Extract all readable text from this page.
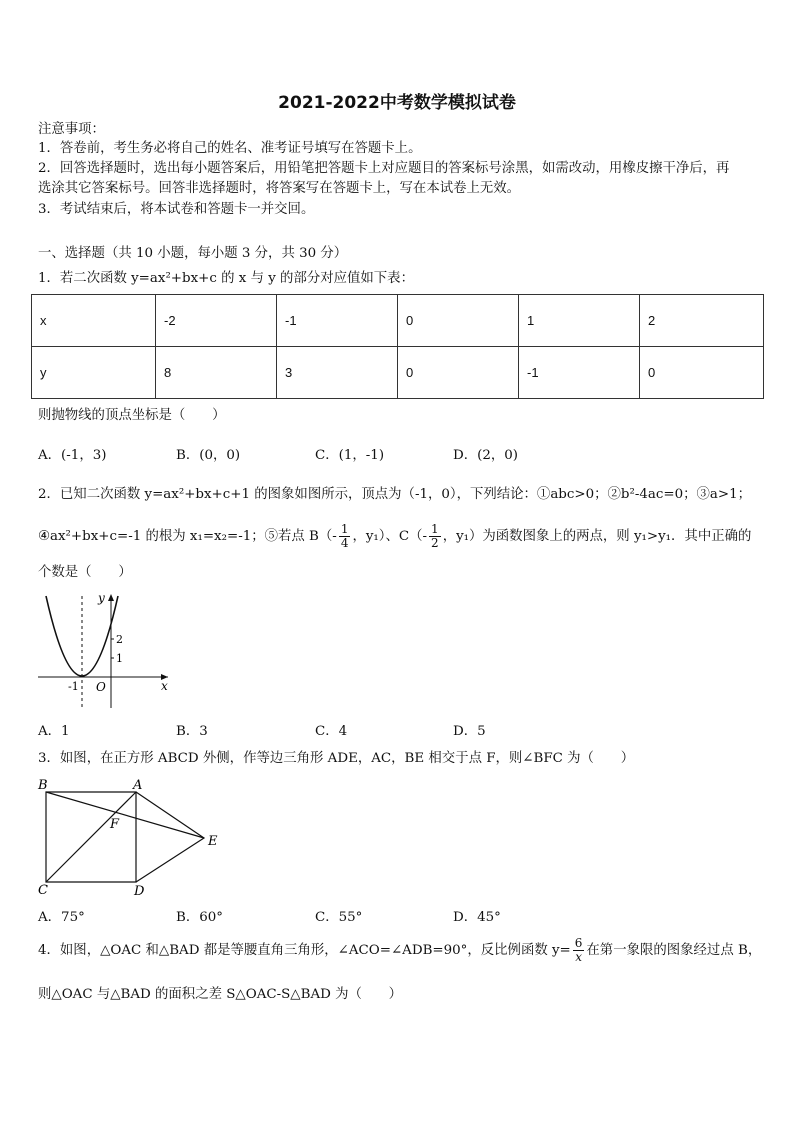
2021-2022中考数学模拟试卷
注意事项：
1．答卷前，考生务必将自己的姓名、准考证号填写在答题卡上。
2．回答选择题时，选出每小题答案后，用铅笔把答题卡上对应题目的答案标号涂黑，如需改动，用橡皮擦干净后，再
选涂其它答案标号。回答非选择题时，将答案写在答题卡上，写在本试卷上无效。
3．考试结束后，将本试卷和答题卡一并交回。
一、选择题（共 10 小题，每小题 3 分，共 30 分）
1．若二次函数 y=ax²+bx+c 的 x 与 y 的部分对应值如下表：
x	-2	-1	0	1	2
y	8	3	0	-1	0
则抛物线的顶点坐标是（　　）
A．(-1，3)	B．(0，0)	C．(1，-1)	D．(2，0)
2．已知二次函数 y=ax²+bx+c+1 的图象如图所示，顶点为（-1，0），下列结论：①abc>0；②b²-4ac=0；③a>1；
④ax²+bx+c=-1 的根为 x₁=x₂=-1；⑤若点 $B(- \frac{1}{4}$ ，y₁）、$C(- \frac{1}{2}$ ，y₁）为函数图象上的两点，则 y₁>y₁．其中正确的
个数是（　　）
y
x
O
-1
2
1
A．1	B．3	C．4	D．5
3．如图，在正方形 ABCD 外侧，作等边三角形 ADE，AC，BE 相交于点 F，则∠BFC 为（　　）
B	A
C	D
E
F
A．75°	B．60°	C．55°	D．45°
4．如图，△OAC 和△BAD 都是等腰直角三角形，∠ACO=∠ADB=90°，反比例函数 $y= \frac{6}{x}$ 在第一象限的图象经过点 B，
则△OAC 与△BAD 的面积之差 S△OAC-S△BAD 为（　　）
